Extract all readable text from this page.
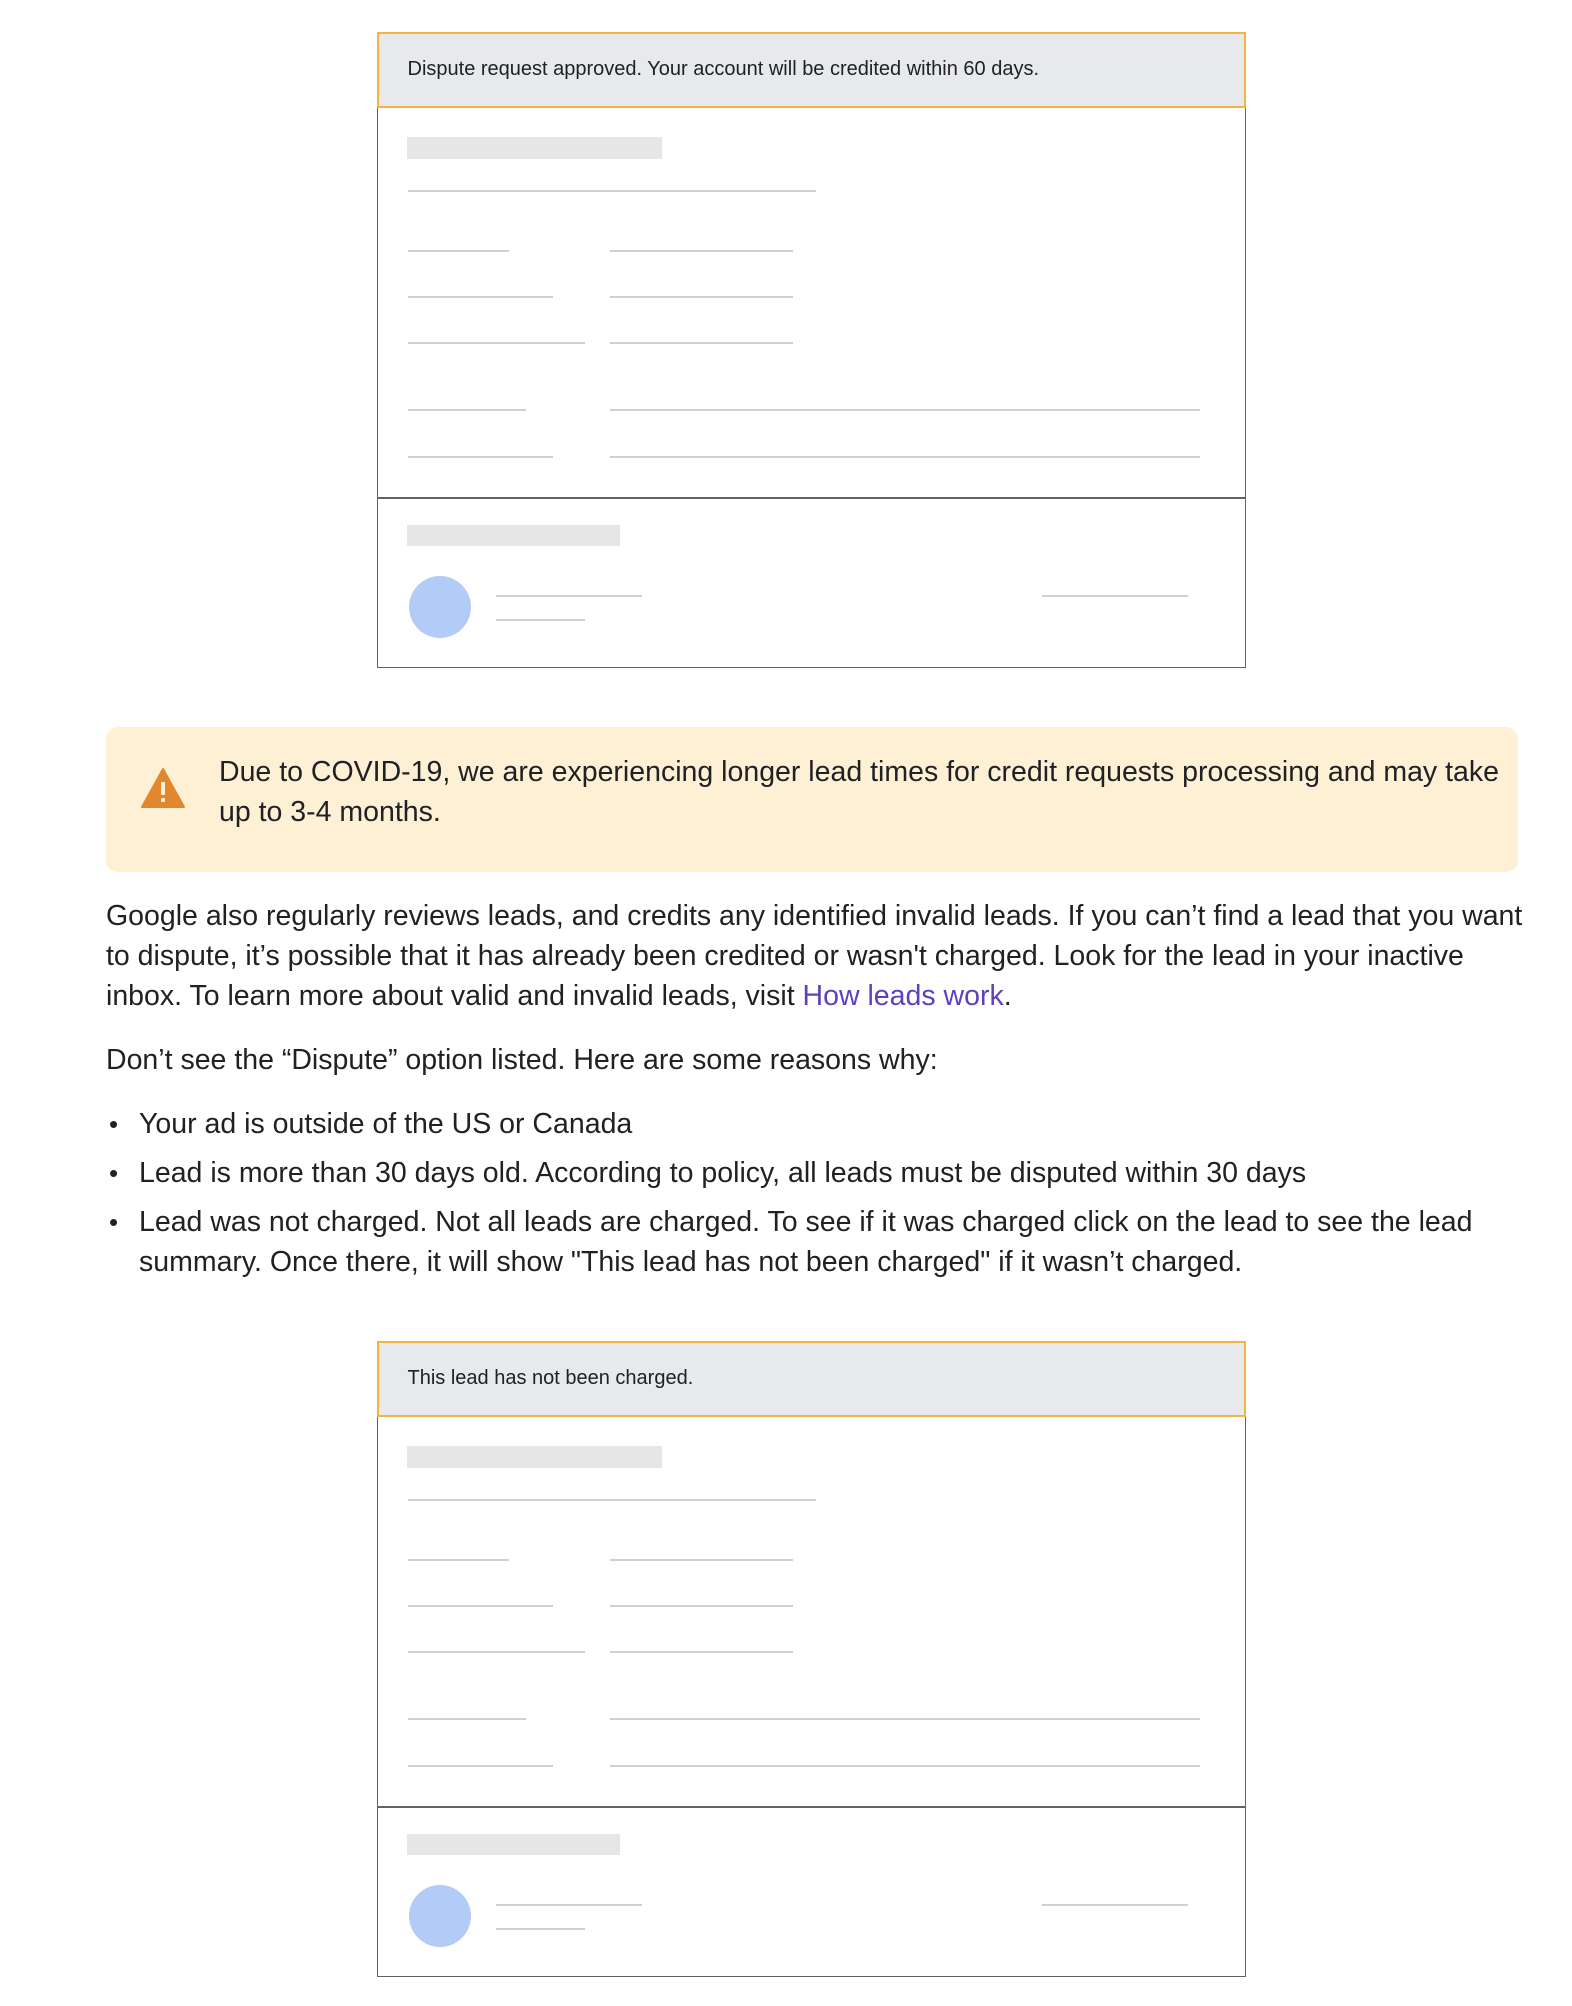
Dispute request approved. Your account will be credited within 60 days.
Due to COVID-19, we are experiencing longer lead times for credit requests processing and may take up to 3-4 months.

Google also regularly reviews leads, and credits any identified invalid leads. If you can’t find a lead that you want to dispute, it’s possible that it has already been credited or wasn't charged. Look for the lead in your inactive inbox. To learn more about valid and invalid leads, visit How leads work.

Don’t see the “Dispute” option listed. Here are some reasons why:

• Your ad is outside of the US or Canada
• Lead is more than 30 days old. According to policy, all leads must be disputed within 30 days
• Lead was not charged. Not all leads are charged. To see if it was charged click on the lead to see the lead summary. Once there, it will show "This lead has not been charged" if it wasn’t charged.
This lead has not been charged.
